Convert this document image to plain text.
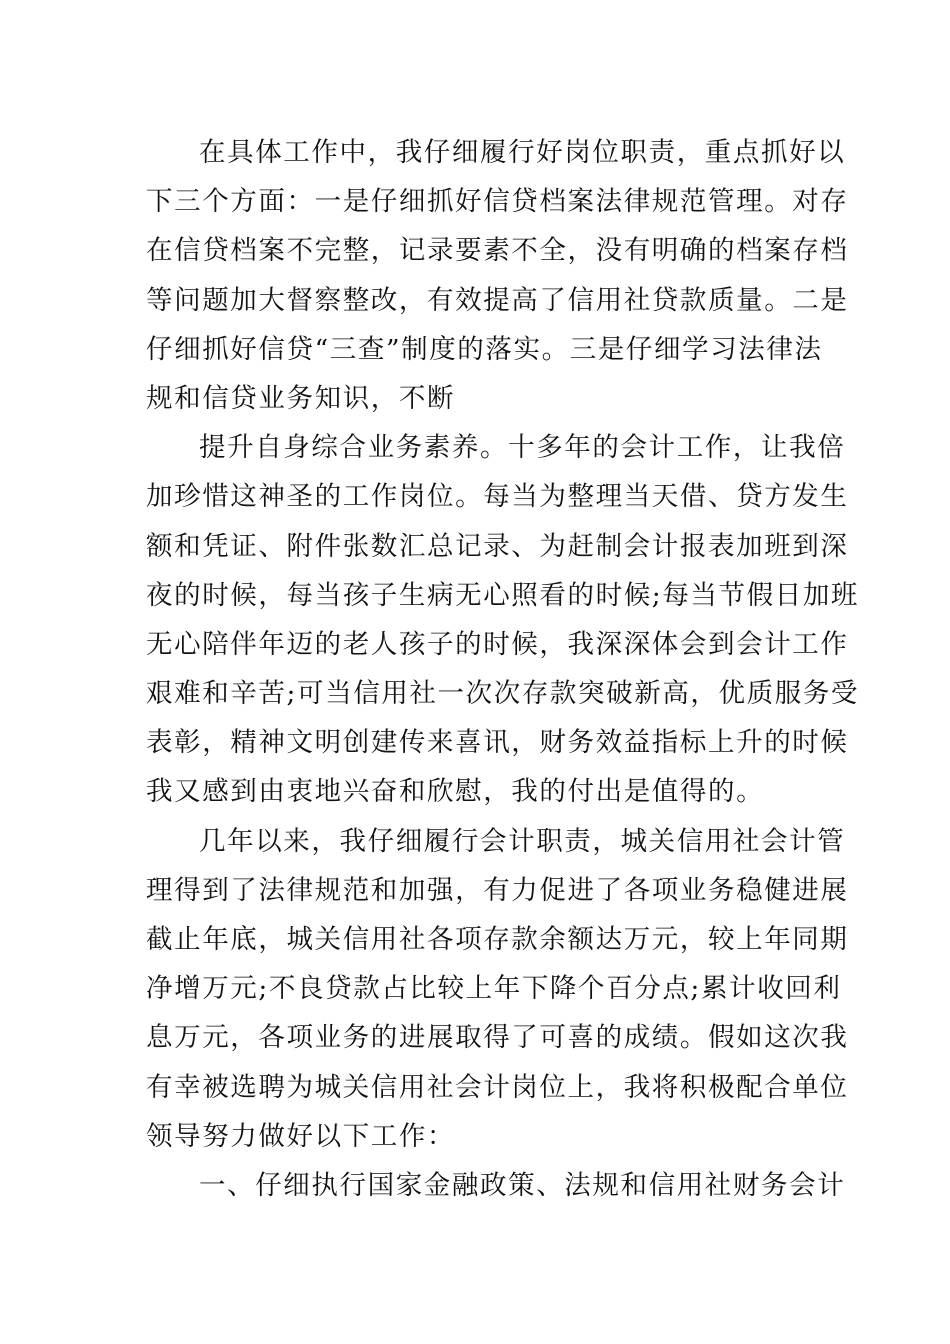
在具体工作中，我仔细履行好岗位职责，重点抓好以
下三个方面：一是仔细抓好信贷档案法律规范管理。对存
在信贷档案不完整，记录要素不全，没有明确的档案存档
等问题加大督察整改，有效提高了信用社贷款质量。二是
仔细抓好信贷“三查”制度的落实。三是仔细学习法律法
规和信贷业务知识，不断
提升自身综合业务素养。十多年的会计工作，让我倍
加珍惜这神圣的工作岗位。每当为整理当天借、贷方发生
额和凭证、附件张数汇总记录、为赶制会计报表加班到深
夜的时候，每当孩子生病无心照看的时候;每当节假日加班
无心陪伴年迈的老人孩子的时候，我深深体会到会计工作
艰难和辛苦;可当信用社一次次存款突破新高，优质服务受
表彰，精神文明创建传来喜讯，财务效益指标上升的时候
我又感到由衷地兴奋和欣慰，我的付出是值得的。
几年以来，我仔细履行会计职责，城关信用社会计管
理得到了法律规范和加强，有力促进了各项业务稳健进展
截止年底，城关信用社各项存款余额达万元，较上年同期
净增万元;不良贷款占比较上年下降个百分点;累计收回利
息万元，各项业务的进展取得了可喜的成绩。假如这次我
有幸被选聘为城关信用社会计岗位上，我将积极配合单位
领导努力做好以下工作：
一、仔细执行国家金融政策、法规和信用社财务会计
